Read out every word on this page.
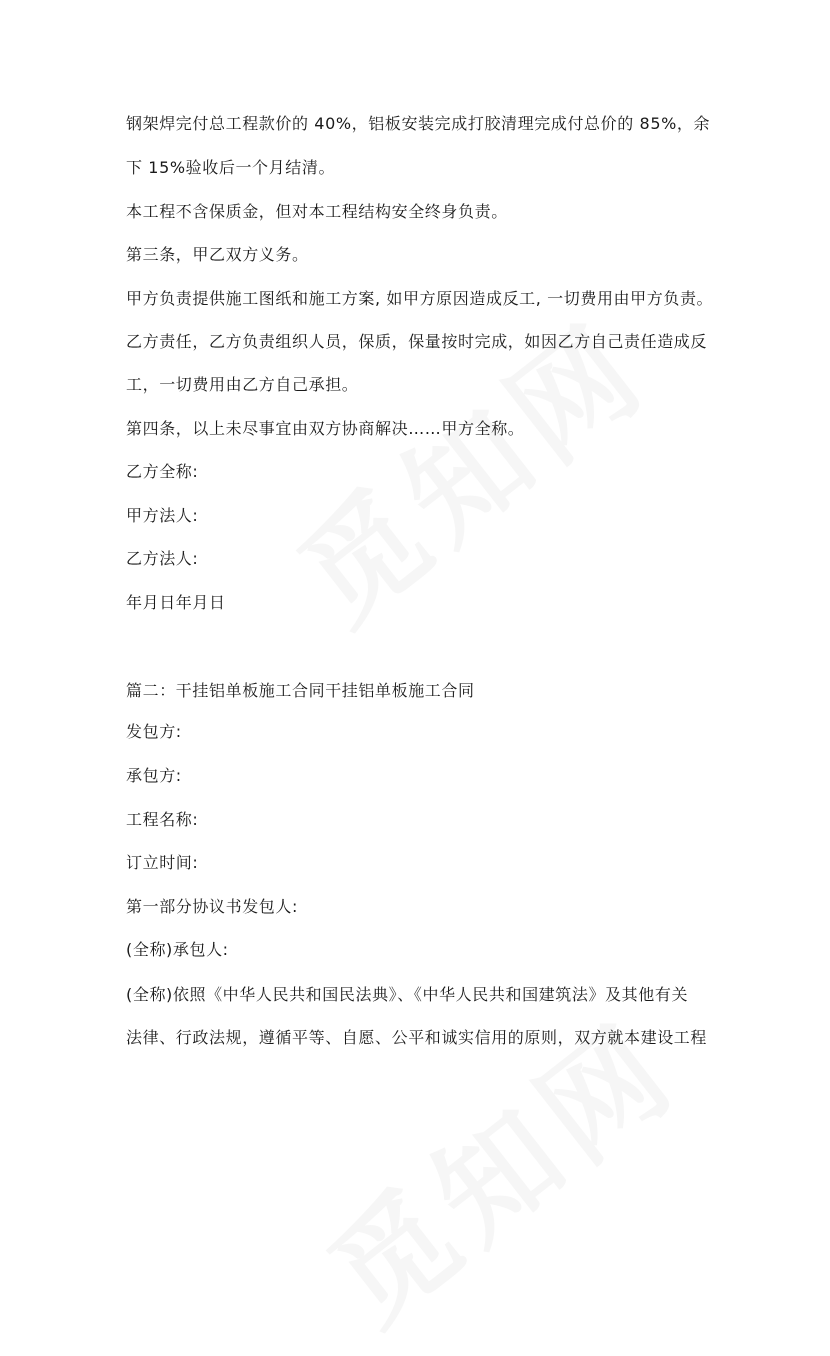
钢架焊完付总工程款价的 40%，铝板安装完成打胶清理完成付总价的 85%，余
下 15%验收后一个月结清。
本工程不含保质金，但对本工程结构安全终身负责。
第三条，甲乙双方义务。
甲方负责提供施工图纸和施工方案, 如甲方原因造成反工, 一切费用由甲方负责。
乙方责任，乙方负责组织人员，保质，保量按时完成，如因乙方自己责任造成反
工，一切费用由乙方自己承担。
第四条，以上未尽事宜由双方协商解决……甲方全称。
乙方全称:
甲方法人:
乙方法人:
年月日年月日
篇二：干挂铝单板施工合同干挂铝单板施工合同
发包方:
承包方:
工程名称:
订立时间:
第一部分协议书发包人:
(全称)承包人:
(全称)依照《中华人民共和国民法典》、《中华人民共和国建筑法》及其他有关
法律、行政法规，遵循平等、自愿、公平和诚实信用的原则，双方就本建设工程
